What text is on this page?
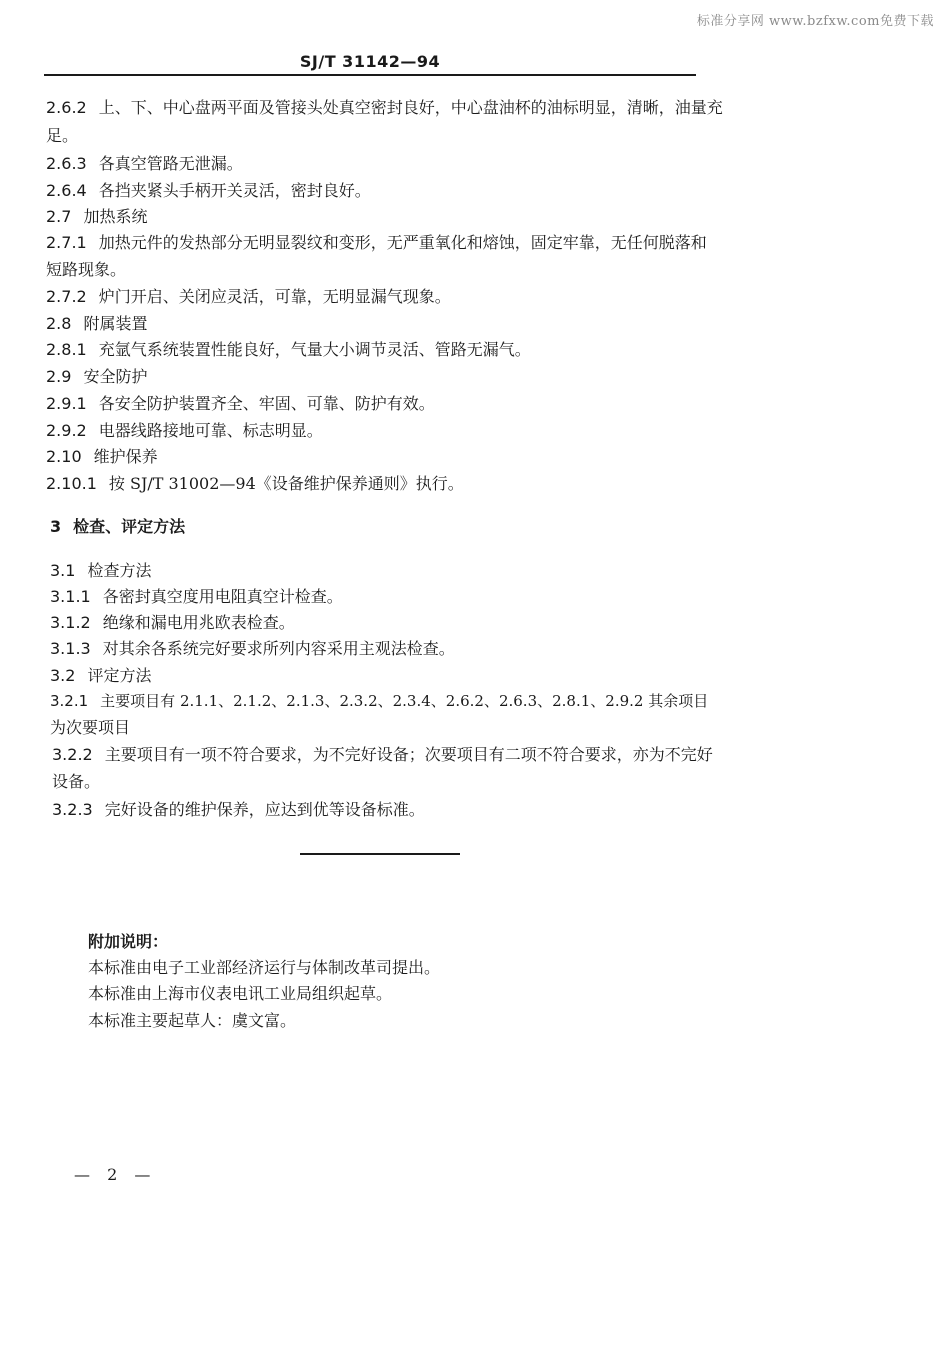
标准分享网 www.bzfxw.com免费下载
SJ/T 31142—94
2.6.2 上、下、中心盘两平面及管接头处真空密封良好，中心盘油杯的油标明显，清晰，油量充
足。
2.6.3 各真空管路无泄漏。
2.6.4 各挡夹紧头手柄开关灵活，密封良好。
2.7 加热系统
2.7.1 加热元件的发热部分无明显裂纹和变形，无严重氧化和熔蚀，固定牢靠，无任何脱落和
短路现象。
2.7.2 炉门开启、关闭应灵活，可靠，无明显漏气现象。
2.8 附属装置
2.8.1 充氩气系统装置性能良好，气量大小调节灵活、管路无漏气。
2.9 安全防护
2.9.1 各安全防护装置齐全、牢固、可靠、防护有效。
2.9.2 电器线路接地可靠、标志明显。
2.10 维护保养
2.10.1 按 SJ/T 31002—94《设备维护保养通则》执行。
3 检查、评定方法
3.1 检查方法
3.1.1 各密封真空度用电阻真空计检查。
3.1.2 绝缘和漏电用兆欧表检查。
3.1.3 对其余各系统完好要求所列内容采用主观法检查。
3.2 评定方法
3.2.1 主要项目有 2.1.1、2.1.2、2.1.3、2.3.2、2.3.4、2.6.2、2.6.3、2.8.1、2.9.2 其余项目
为次要项目
3.2.2 主要项目有一项不符合要求，为不完好设备；次要项目有二项不符合要求，亦为不完好
设备。
3.2.3 完好设备的维护保养，应达到优等设备标准。
附加说明：
本标准由电子工业部经济运行与体制改革司提出。
本标准由上海市仪表电讯工业局组织起草。
本标准主要起草人：虞文富。
— 2 —
